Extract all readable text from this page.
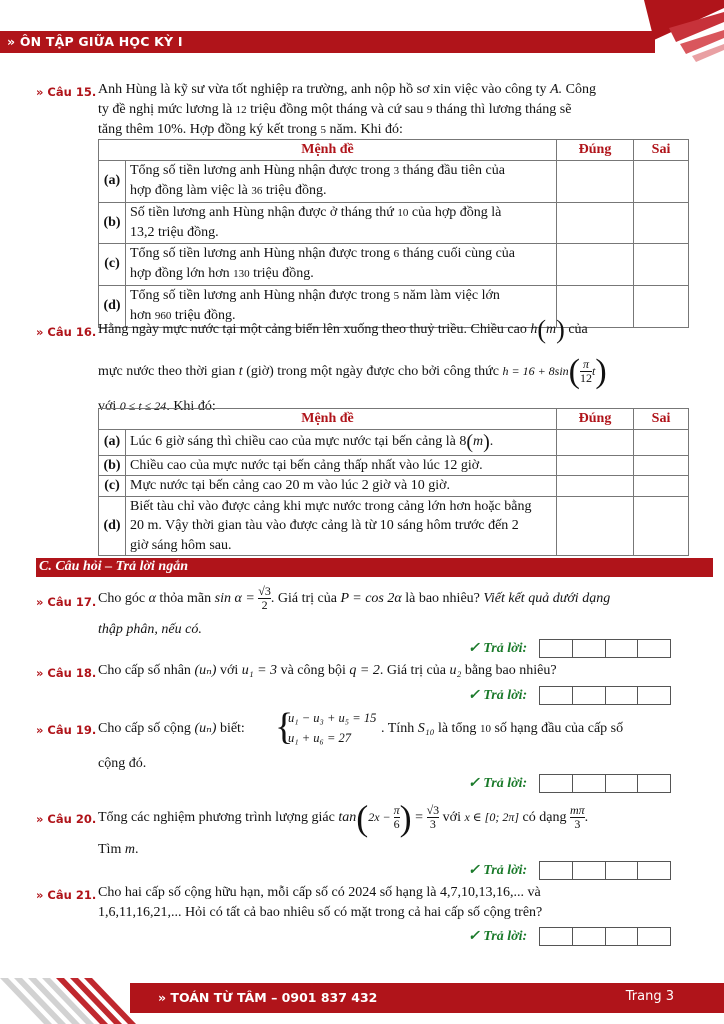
» ÔN TẬP GIỮA HỌC KỲ I
» Câu 15. Anh Hùng là kỹ sư vừa tốt nghiệp ra trường, anh nộp hồ sơ xin việc vào công ty A. Công
ty đề nghị mức lương là 12 triệu đồng một tháng và cứ sau 9 tháng thì lương tháng sẽ
tăng thêm 10%. Hợp đồng ký kết trong 5 năm. Khi đó:
Mệnh đề		Đúng	Sai
(a)	Tổng số tiền lương anh Hùng nhận được trong 3 tháng đầu tiên của
hợp đồng làm việc là 36 triệu đồng.		

(b)	Số tiền lương anh Hùng nhận được ở tháng thứ 10 của hợp đồng là
13,2 triệu đồng.		

(c)	Tổng số tiền lương anh Hùng nhận được trong 6 tháng cuối cùng của
hợp đồng lớn hơn 130 triệu đồng.		

(d)	Tổng số tiền lương anh Hùng nhận được trong 5 năm làm việc lớn
hơn 960 triệu đồng.		

» Câu 16. Hằng ngày mực nước tại một cảng biển lên xuống theo thuỷ triều. Chiều cao h(m) của
mực nước theo thời gian t (giờ) trong một ngày được cho bởi công thức $h = 16 + 8\sin( \frac{\pi}{12} t)$
với 0 ≤ t ≤ 24. Khi đó:
Mệnh đề		Đúng	Sai
(a)	Lúc 6 giờ sáng thì chiều cao của mực nước tại bến cảng là 8(m).		
(b)	Chiều cao của mực nước tại bến cảng thấp nhất vào lúc 12 giờ.		
(c)	Mực nước tại bến cảng cao 20 m vào lúc 2 giờ và 10 giờ.		
(d)	Biết tàu chỉ vào được cảng khi mực nước trong cảng lớn hơn hoặc bằng
20 m. Vậy thời gian tàu vào được cảng là từ 10 sáng hôm trước đến 2
giờ sáng hôm sau.		

C. Câu hỏi – Trả lời ngắn
» Câu 17. Cho góc α thỏa mãn $\sin \alpha = \frac{√3}{2}$ . Giá trị của P = cos 2α là bao nhiêu? Viết kết quả dưới dạng
thập phân, nếu có.
✓ Trả lời:
» Câu 18. Cho cấp số nhân (uₙ) với u₁ = 3 và công bội q = 2. Giá trị của u₂ bằng bao nhiêu?
✓ Trả lời:
» Câu 19. Cho cấp số cộng (uₙ) biết: {
u₁ − u₃ + u₅ = 15
u₁ + u₆ = 27
. Tính S₁₀ là tổng 10 số hạng đầu của cấp số
cộng đó.
✓ Trả lời:
» Câu 20. Tổng các nghiệm phương trình lượng giác $\tan(2x - \frac{\pi}{6}$ ) = $\frac{√3}{3}$ với x ∈ [0; 2π] có dạng $\frac{m\pi}{3}$ .
Tìm m.
✓ Trả lời:
» Câu 21. Cho hai cấp số cộng hữu hạn, mỗi cấp số có 2024 số hạng là 4,7,10,13,16,... và
1,6,11,16,21,... Hỏi có tất cả bao nhiêu số có mặt trong cả hai cấp số cộng trên?
✓ Trả lời:
» TOÁN TỪ TÂM – 0901 837 432	Trang 3
